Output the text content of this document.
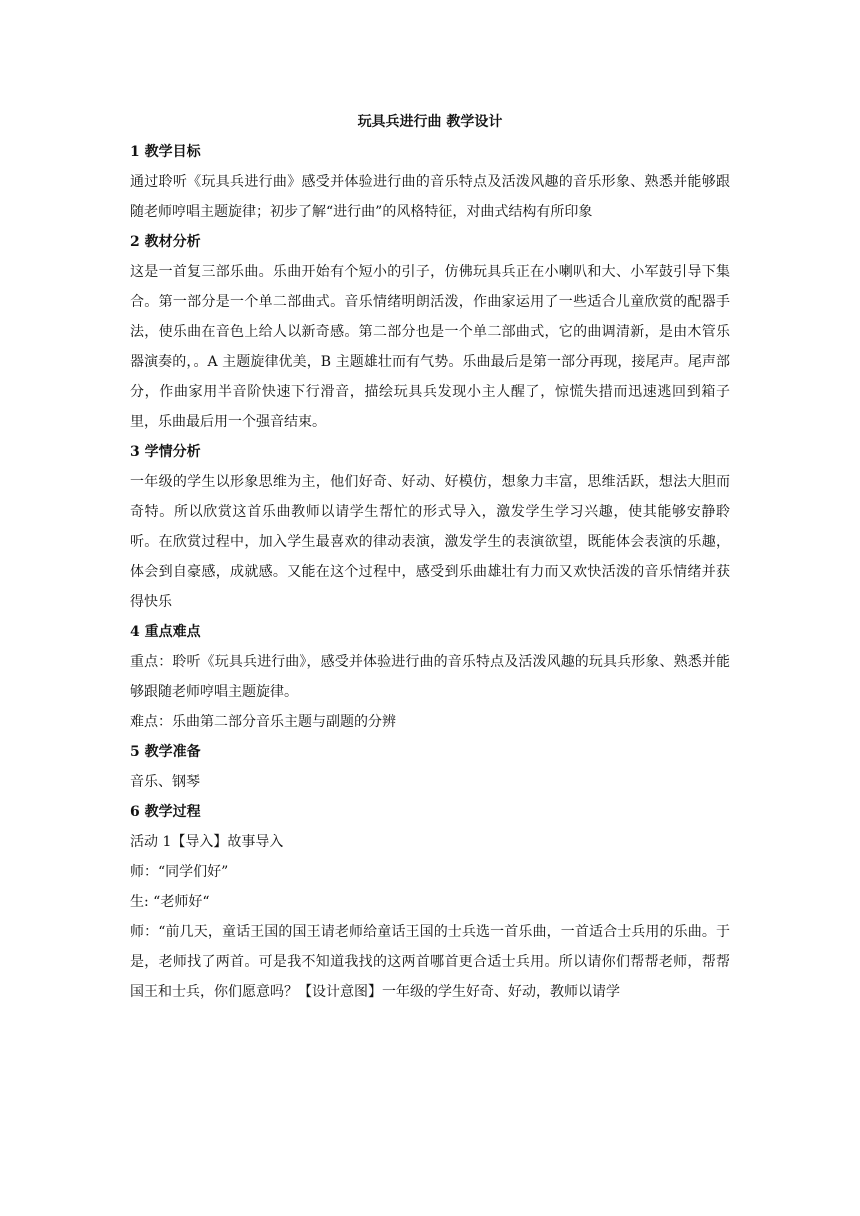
玩具兵进行曲 教学设计

1 教学目标

通过聆听《玩具兵进行曲》感受并体验进行曲的音乐特点及活泼风趣的音乐形象、熟悉并能够跟随老师哼唱主题旋律；初步了解“进行曲”的风格特征，对曲式结构有所印象

2 教材分析

这是一首复三部乐曲。乐曲开始有个短小的引子，仿佛玩具兵正在小喇叭和大、小军鼓引导下集合。第一部分是一个单二部曲式。音乐情绪明朗活泼，作曲家运用了一些适合儿童欣赏的配器手法，使乐曲在音色上给人以新奇感。第二部分也是一个单二部曲式，它的曲调清新，是由木管乐器演奏的，。A 主题旋律优美，B 主题雄壮而有气势。乐曲最后是第一部分再现，接尾声。尾声部分，作曲家用半音阶快速下行滑音，描绘玩具兵发现小主人醒了，惊慌失措而迅速逃回到箱子里，乐曲最后用一个强音结束。

3 学情分析

一年级的学生以形象思维为主，他们好奇、好动、好模仿，想象力丰富，思维活跃，想法大胆而奇特。所以欣赏这首乐曲教师以请学生帮忙的形式导入，激发学生学习兴趣，使其能够安静聆听。在欣赏过程中，加入学生最喜欢的律动表演，激发学生的表演欲望，既能体会表演的乐趣，体会到自豪感，成就感。又能在这个过程中，感受到乐曲雄壮有力而又欢快活泼的音乐情绪并获得快乐

4 重点难点

重点：聆听《玩具兵进行曲》，感受并体验进行曲的音乐特点及活泼风趣的玩具兵形象、熟悉并能够跟随老师哼唱主题旋律。

难点：乐曲第二部分音乐主题与副题的分辨

5 教学准备

音乐、钢琴

6 教学过程

活动 1【导入】故事导入

师：“同学们好”

生: “老师好“

师：“前几天，童话王国的国王请老师给童话王国的士兵选一首乐曲，一首适合士兵用的乐曲。于是，老师找了两首。可是我不知道我找的这两首哪首更合适士兵用。所以请你们帮帮老师，帮帮国王和士兵，你们愿意吗？【设计意图】一年级的学生好奇、好动，教师以请学
